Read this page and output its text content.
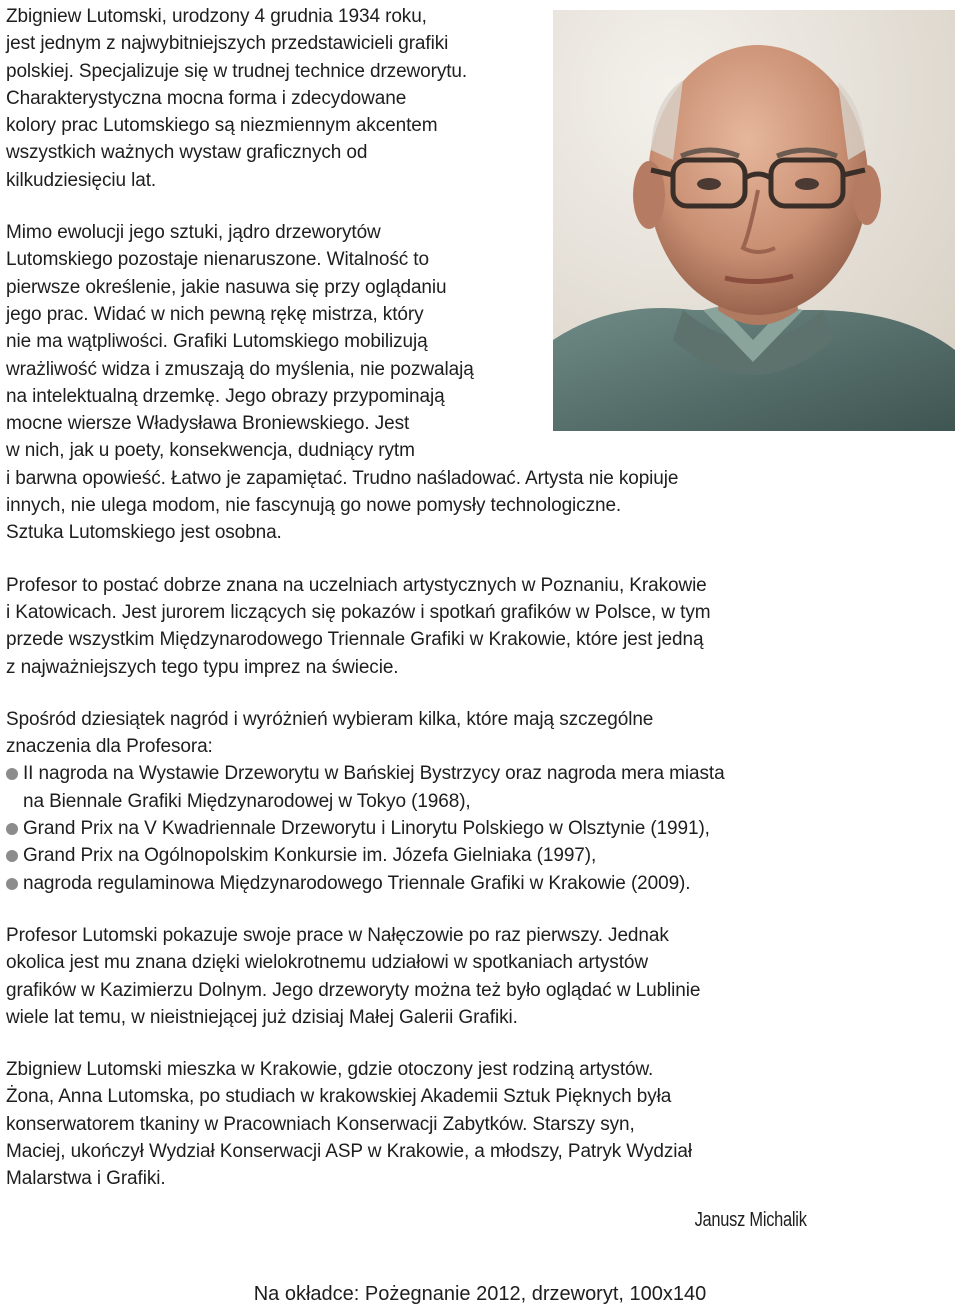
Zbigniew Lutomski, urodzony 4 grudnia 1934 roku,
jest jednym z najwybitniejszych przedstawicieli grafiki
polskiej. Specjalizuje się w trudnej technice drzeworytu.
Charakterystyczna mocna forma i zdecydowane
kolory prac Lutomskiego są niezmiennym akcentem
wszystkich ważnych wystaw graficznych od
kilkudziesięciu lat.

Mimo ewolucji jego sztuki, jądro drzeworytów
Lutomskiego pozostaje nienaruszone. Witalność to
pierwsze określenie, jakie nasuwa się przy oglądaniu
jego prac. Widać w nich pewną rękę mistrza, który
nie ma wątpliwości. Grafiki Lutomskiego mobilizują
wrażliwość widza i zmuszają do myślenia, nie pozwalają
na intelektualną drzemkę. Jego obrazy przypominają
mocne wiersze Władysława Broniewskiego. Jest
w nich, jak u poety, konsekwencja, dudniący rytm
i barwna opowieść. Łatwo je zapamiętać. Trudno naśladować. Artysta nie kopiuje
innych, nie ulega modom, nie fascynują go nowe pomysły technologiczne.
Sztuka Lutomskiego jest osobna.

Profesor to postać dobrze znana na uczelniach artystycznych w Poznaniu, Krakowie
i Katowicach. Jest jurorem liczących się pokazów i spotkań grafików w Polsce, w tym
przede wszystkim Międzynarodowego Triennale Grafiki w Krakowie, które jest jedną
z najważniejszych tego typu imprez na świecie.

Spośród dziesiątek nagród i wyróżnień wybieram kilka, które mają szczególne
znaczenia dla Profesora:
II nagroda na Wystawie Drzeworytu w Bańskiej Bystrzycy oraz nagroda mera miasta
na Biennale Grafiki Międzynarodowej w Tokyo (1968),
Grand Prix na V Kwadriennale Drzeworytu i Linorytu Polskiego w Olsztynie (1991),
Grand Prix na Ogólnopolskim Konkursie im. Józefa Gielniaka (1997),
nagroda regulaminowa Międzynarodowego Triennale Grafiki w Krakowie (2009).

Profesor Lutomski pokazuje swoje prace w Nałęczowie po raz pierwszy. Jednak
okolica jest mu znana dzięki wielokrotnemu udziałowi w spotkaniach artystów
grafików w Kazimierzu Dolnym. Jego drzeworyty można też było oglądać w Lublinie
wiele lat temu, w nieistniejącej już dzisiaj Małej Galerii Grafiki.

Zbigniew Lutomski mieszka w Krakowie, gdzie otoczony jest rodziną artystów.
Żona, Anna Lutomska, po studiach w krakowskiej Akademii Sztuk Pięknych była
konserwatorem tkaniny w Pracowniach Konserwacji Zabytków. Starszy syn,
Maciej, ukończył Wydział Konserwacji ASP w Krakowie, a młodszy, Patryk Wydział
Malarstwa i Grafiki.

Janusz Michalik
Na okładce: Pożegnanie 2012, drzeworyt, 100x140
